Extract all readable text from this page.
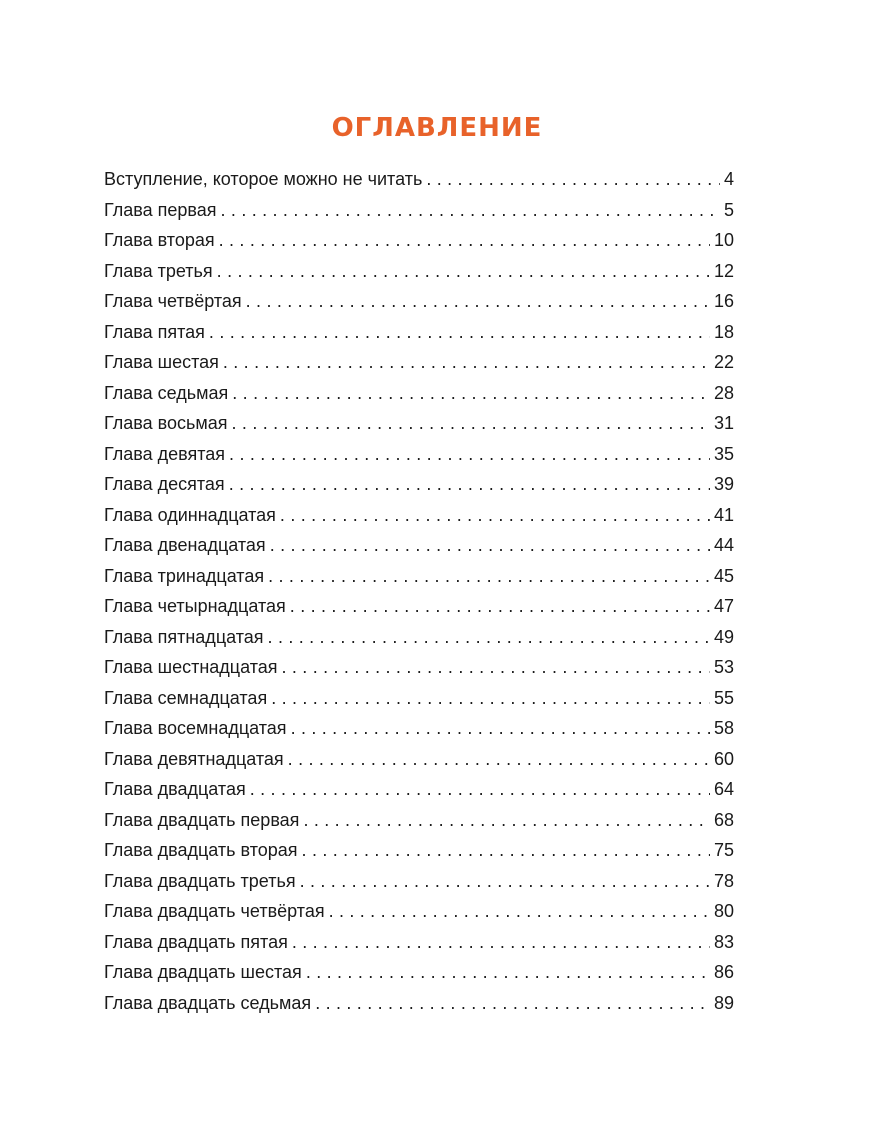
ОГЛАВЛЕНИЕ
Вступление, которое можно не читать . . .	4
Глава первая . . .	5
Глава вторая . . .	10
Глава третья . . .	12
Глава четвёртая . . .	16
Глава пятая . . .	18
Глава шестая . . .	22
Глава седьмая . . .	28
Глава восьмая . . .	31
Глава девятая . . .	35
Глава десятая . . .	39
Глава одиннадцатая . . .	41
Глава двенадцатая . . .	44
Глава тринадцатая . . .	45
Глава четырнадцатая . . .	47
Глава пятнадцатая . . .	49
Глава шестнадцатая . . .	53
Глава семнадцатая . . .	55
Глава восемнадцатая . . .	58
Глава девятнадцатая . . .	60
Глава двадцатая . . .	64
Глава двадцать первая . . .	68
Глава двадцать вторая . . .	75
Глава двадцать третья . . .	78
Глава двадцать четвёртая . . .	80
Глава двадцать пятая . . .	83
Глава двадцать шестая . . .	86
Глава двадцать седьмая . . .	89
